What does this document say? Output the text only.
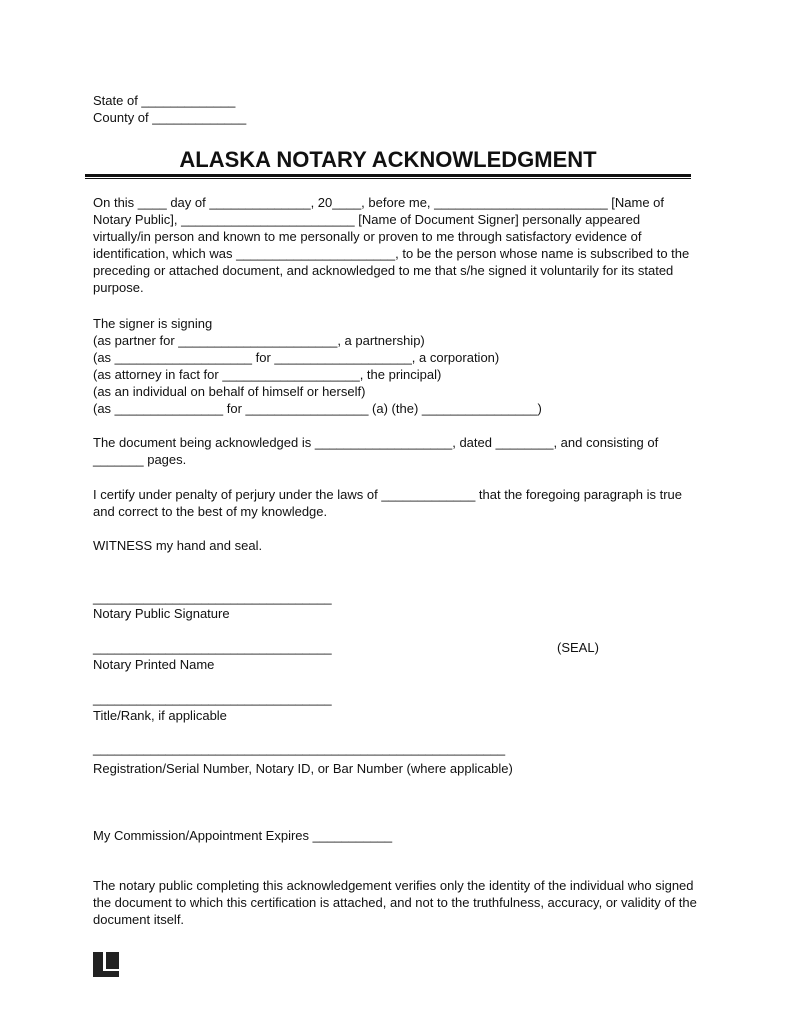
State of _____________
County of _____________
ALASKA NOTARY ACKNOWLEDGMENT
On this ____ day of ______________, 20____, before me, ________________________ [Name of
Notary Public], ________________________ [Name of Document Signer] personally appeared
virtually/in person and known to me personally or proven to me through satisfactory evidence of
identification, which was ______________________, to be the person whose name is subscribed to the
preceding or attached document, and acknowledged to me that s/he signed it voluntarily for its stated
purpose.
The signer is signing
(as partner for ______________________, a partnership)
(as ___________________ for ___________________, a corporation)
(as attorney in fact for ___________________, the principal)
(as an individual on behalf of himself or herself)
(as _______________ for _________________ (a) (the) ________________)
The document being acknowledged is ___________________, dated ________, and consisting of
_______ pages.
I certify under penalty of perjury under the laws of _____________ that the foregoing paragraph is true
and correct to the best of my knowledge.
WITNESS my hand and seal.
_________________________________
Notary Public Signature
_________________________________	(SEAL)
Notary Printed Name
_________________________________
Title/Rank, if applicable
_________________________________________________________
Registration/Serial Number, Notary ID, or Bar Number (where applicable)
My Commission/Appointment Expires ___________
The notary public completing this acknowledgement verifies only the identity of the individual who signed
the document to which this certification is attached, and not to the truthfulness, accuracy, or validity of the
document itself.
